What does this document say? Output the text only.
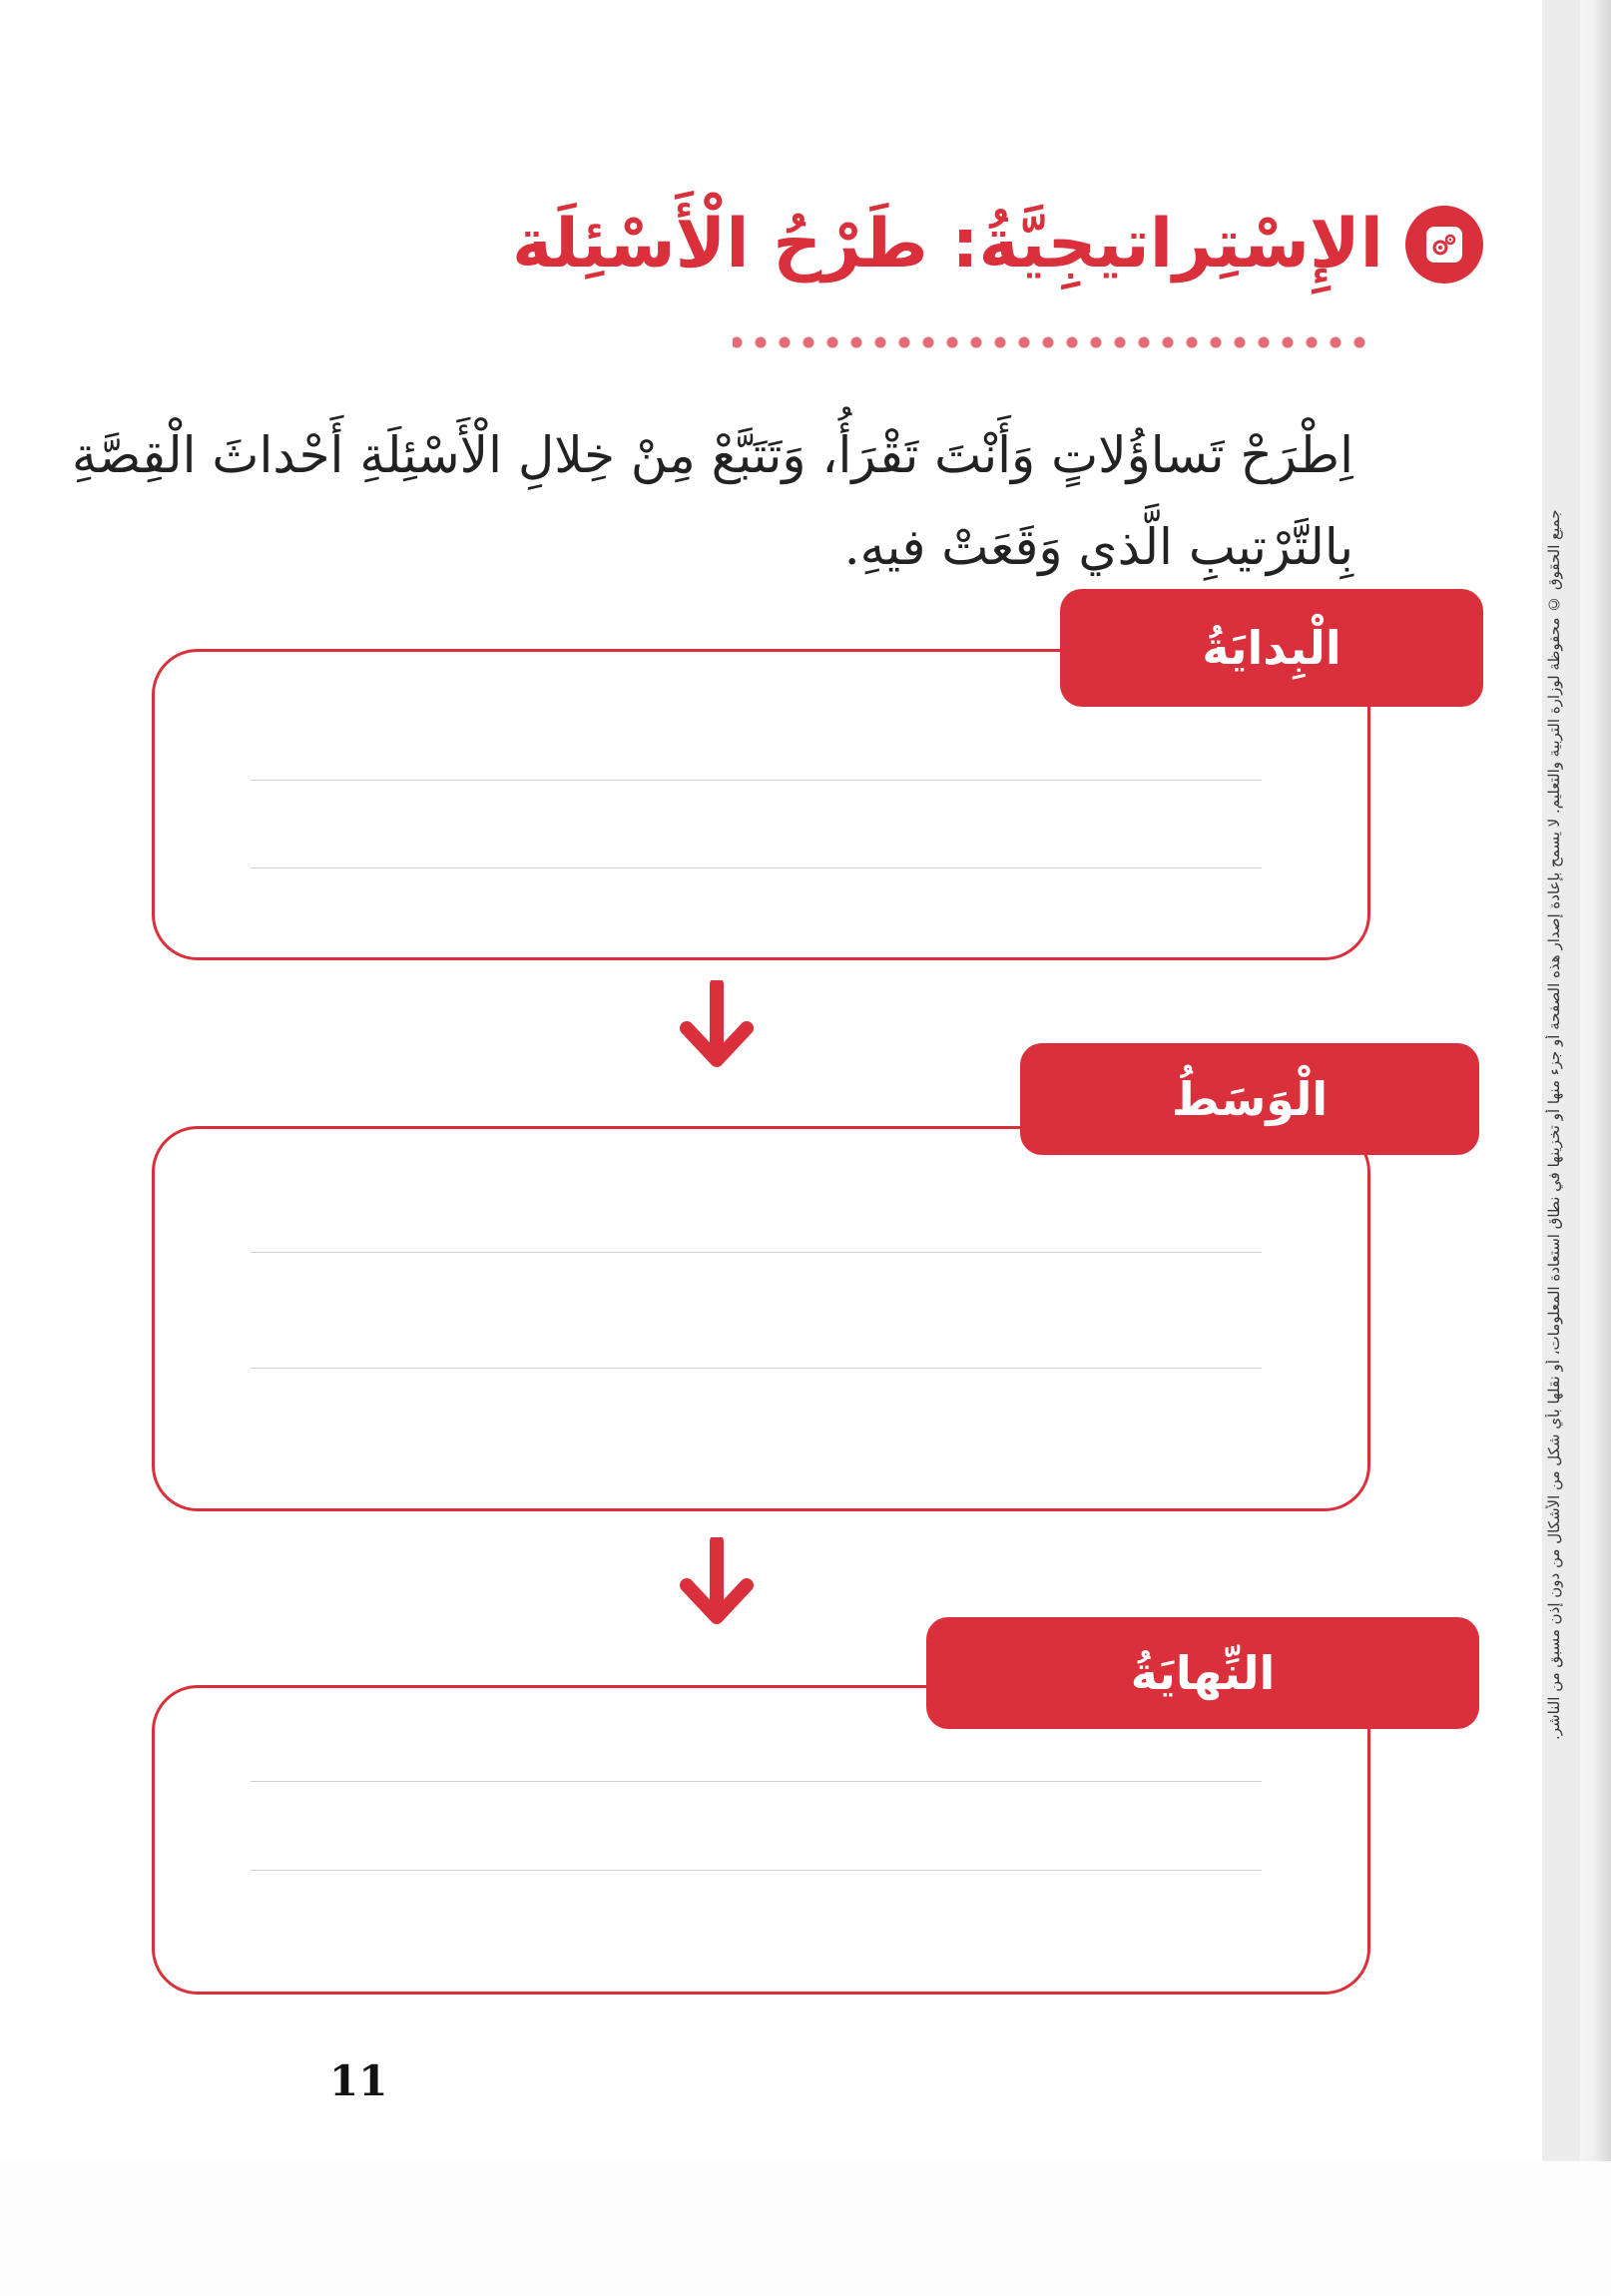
جميع الحقوق © محفوظة لوزارة التربية والتعليم. لا يسمح بإعادة إصدار هذه الصفحة أو جزء منها أو تخزينها في نطاق استعادة المعلومات، أو نقلها بأي شكل من الأشكال من دون إذن مسبق من الناشر.
الإِسْتِراتيجِيَّةُ: طَرْحُ الْأَسْئِلَة
اِطْرَحْ تَساؤُلاتٍ وَأَنْتَ تَقْرَأُ، وَتَتَبَّعْ مِنْ خِلالِ الْأَسْئِلَةِ أَحْداثَ الْقِصَّةِ بِالتَّرْتيبِ الَّذي وَقَعَتْ فيهِ.
الْبِدايَةُ
الْوَسَطُ
النِّهايَةُ
11
